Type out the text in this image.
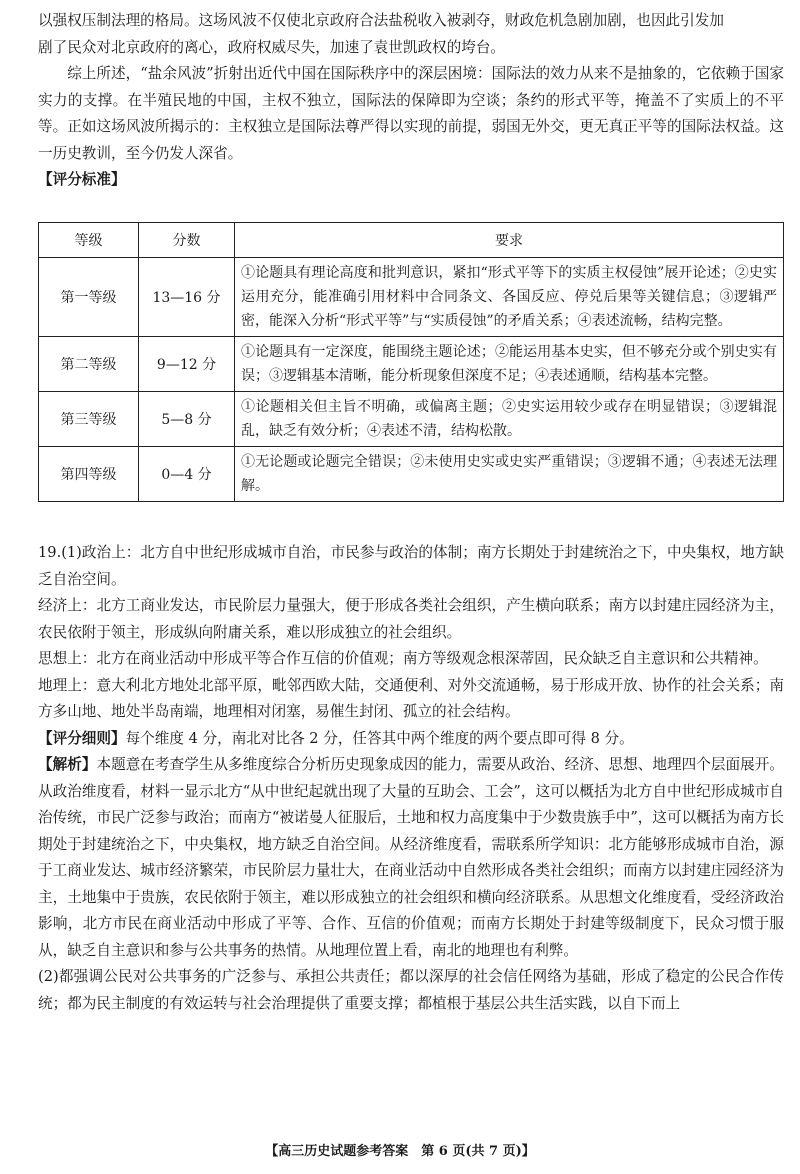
以强权压制法理的格局。这场风波不仅使北京政府合法盐税收入被剥夺，财政危机急剧加剧，也因此引发加

剧了民众对北京政府的离心，政府权威尽失，加速了袁世凯政权的垮台。

综上所述，“盐余风波”折射出近代中国在国际秩序中的深层困境：国际法的效力从来不是抽象的，它依赖于国家实力的支撑。在半殖民地的中国，主权不独立，国际法的保障即为空谈；条约的形式平等，掩盖不了实质上的不平等。正如这场风波所揭示的：主权独立是国际法尊严得以实现的前提，弱国无外交，更无真正平等的国际法权益。这一历史教训，至今仍发人深省。

【评分标准】

等级	分数	要求
第一等级	13—16 分	①论题具有理论高度和批判意识，紧扣“形式平等下的实质主权侵蚀”展开论述；②史实运用充分，能准确引用材料中合同条文、各国反应、停兑后果等关键信息；③逻辑严密，能深入分析“形式平等”与“实质侵蚀”的矛盾关系；④表述流畅，结构完整。
第二等级	9—12 分	①论题具有一定深度，能围绕主题论述；②能运用基本史实，但不够充分或个别史实有误；③逻辑基本清晰，能分析现象但深度不足；④表述通顺，结构基本完整。
第三等级	5—8 分	①论题相关但主旨不明确，或偏离主题；②史实运用较少或存在明显错误；③逻辑混乱，缺乏有效分析；④表述不清，结构松散。
第四等级	0—4 分	①无论题或论题完全错误；②未使用史实或史实严重错误；③逻辑不通；④表述无法理解。

19.(1)政治上：北方自中世纪形成城市自治，市民参与政治的体制；南方长期处于封建统治之下，中央集权，地方缺乏自治空间。

经济上：北方工商业发达，市民阶层力量强大，便于形成各类社会组织，产生横向联系；南方以封建庄园经济为主，农民依附于领主，形成纵向附庸关系，难以形成独立的社会组织。

思想上：北方在商业活动中形成平等合作互信的价值观；南方等级观念根深蒂固，民众缺乏自主意识和公共精神。

地理上：意大利北方地处北部平原，毗邻西欧大陆，交通便利、对外交流通畅，易于形成开放、协作的社会关系；南方多山地、地处半岛南端，地理相对闭塞，易催生封闭、孤立的社会结构。

【评分细则】每个维度 4 分，南北对比各 2 分，任答其中两个维度的两个要点即可得 8 分。

【解析】本题意在考查学生从多维度综合分析历史现象成因的能力，需要从政治、经济、思想、地理四个层面展开。从政治维度看，材料一显示北方“从中世纪起就出现了大量的互助会、工会”，这可以概括为北方自中世纪形成城市自治传统，市民广泛参与政治；而南方“被诺曼人征服后，土地和权力高度集中于少数贵族手中”，这可以概括为南方长期处于封建统治之下，中央集权，地方缺乏自治空间。从经济维度看，需联系所学知识：北方能够形成城市自治，源于工商业发达、城市经济繁荣，市民阶层力量壮大，在商业活动中自然形成各类社会组织；而南方以封建庄园经济为主，土地集中于贵族，农民依附于领主，难以形成独立的社会组织和横向经济联系。从思想文化维度看，受经济政治影响，北方市民在商业活动中形成了平等、合作、互信的价值观；而南方长期处于封建等级制度下，民众习惯于服从，缺乏自主意识和参与公共事务的热情。从地理位置上看，南北的地理也有利弊。

(2)都强调公民对公共事务的广泛参与、承担公共责任；都以深厚的社会信任网络为基础，形成了稳定的公民合作传统；都为民主制度的有效运转与社会治理提供了重要支撑；都植根于基层公共生活实践，以自下而上

【高三历史试题参考答案　第 6 页(共 7 页)】
